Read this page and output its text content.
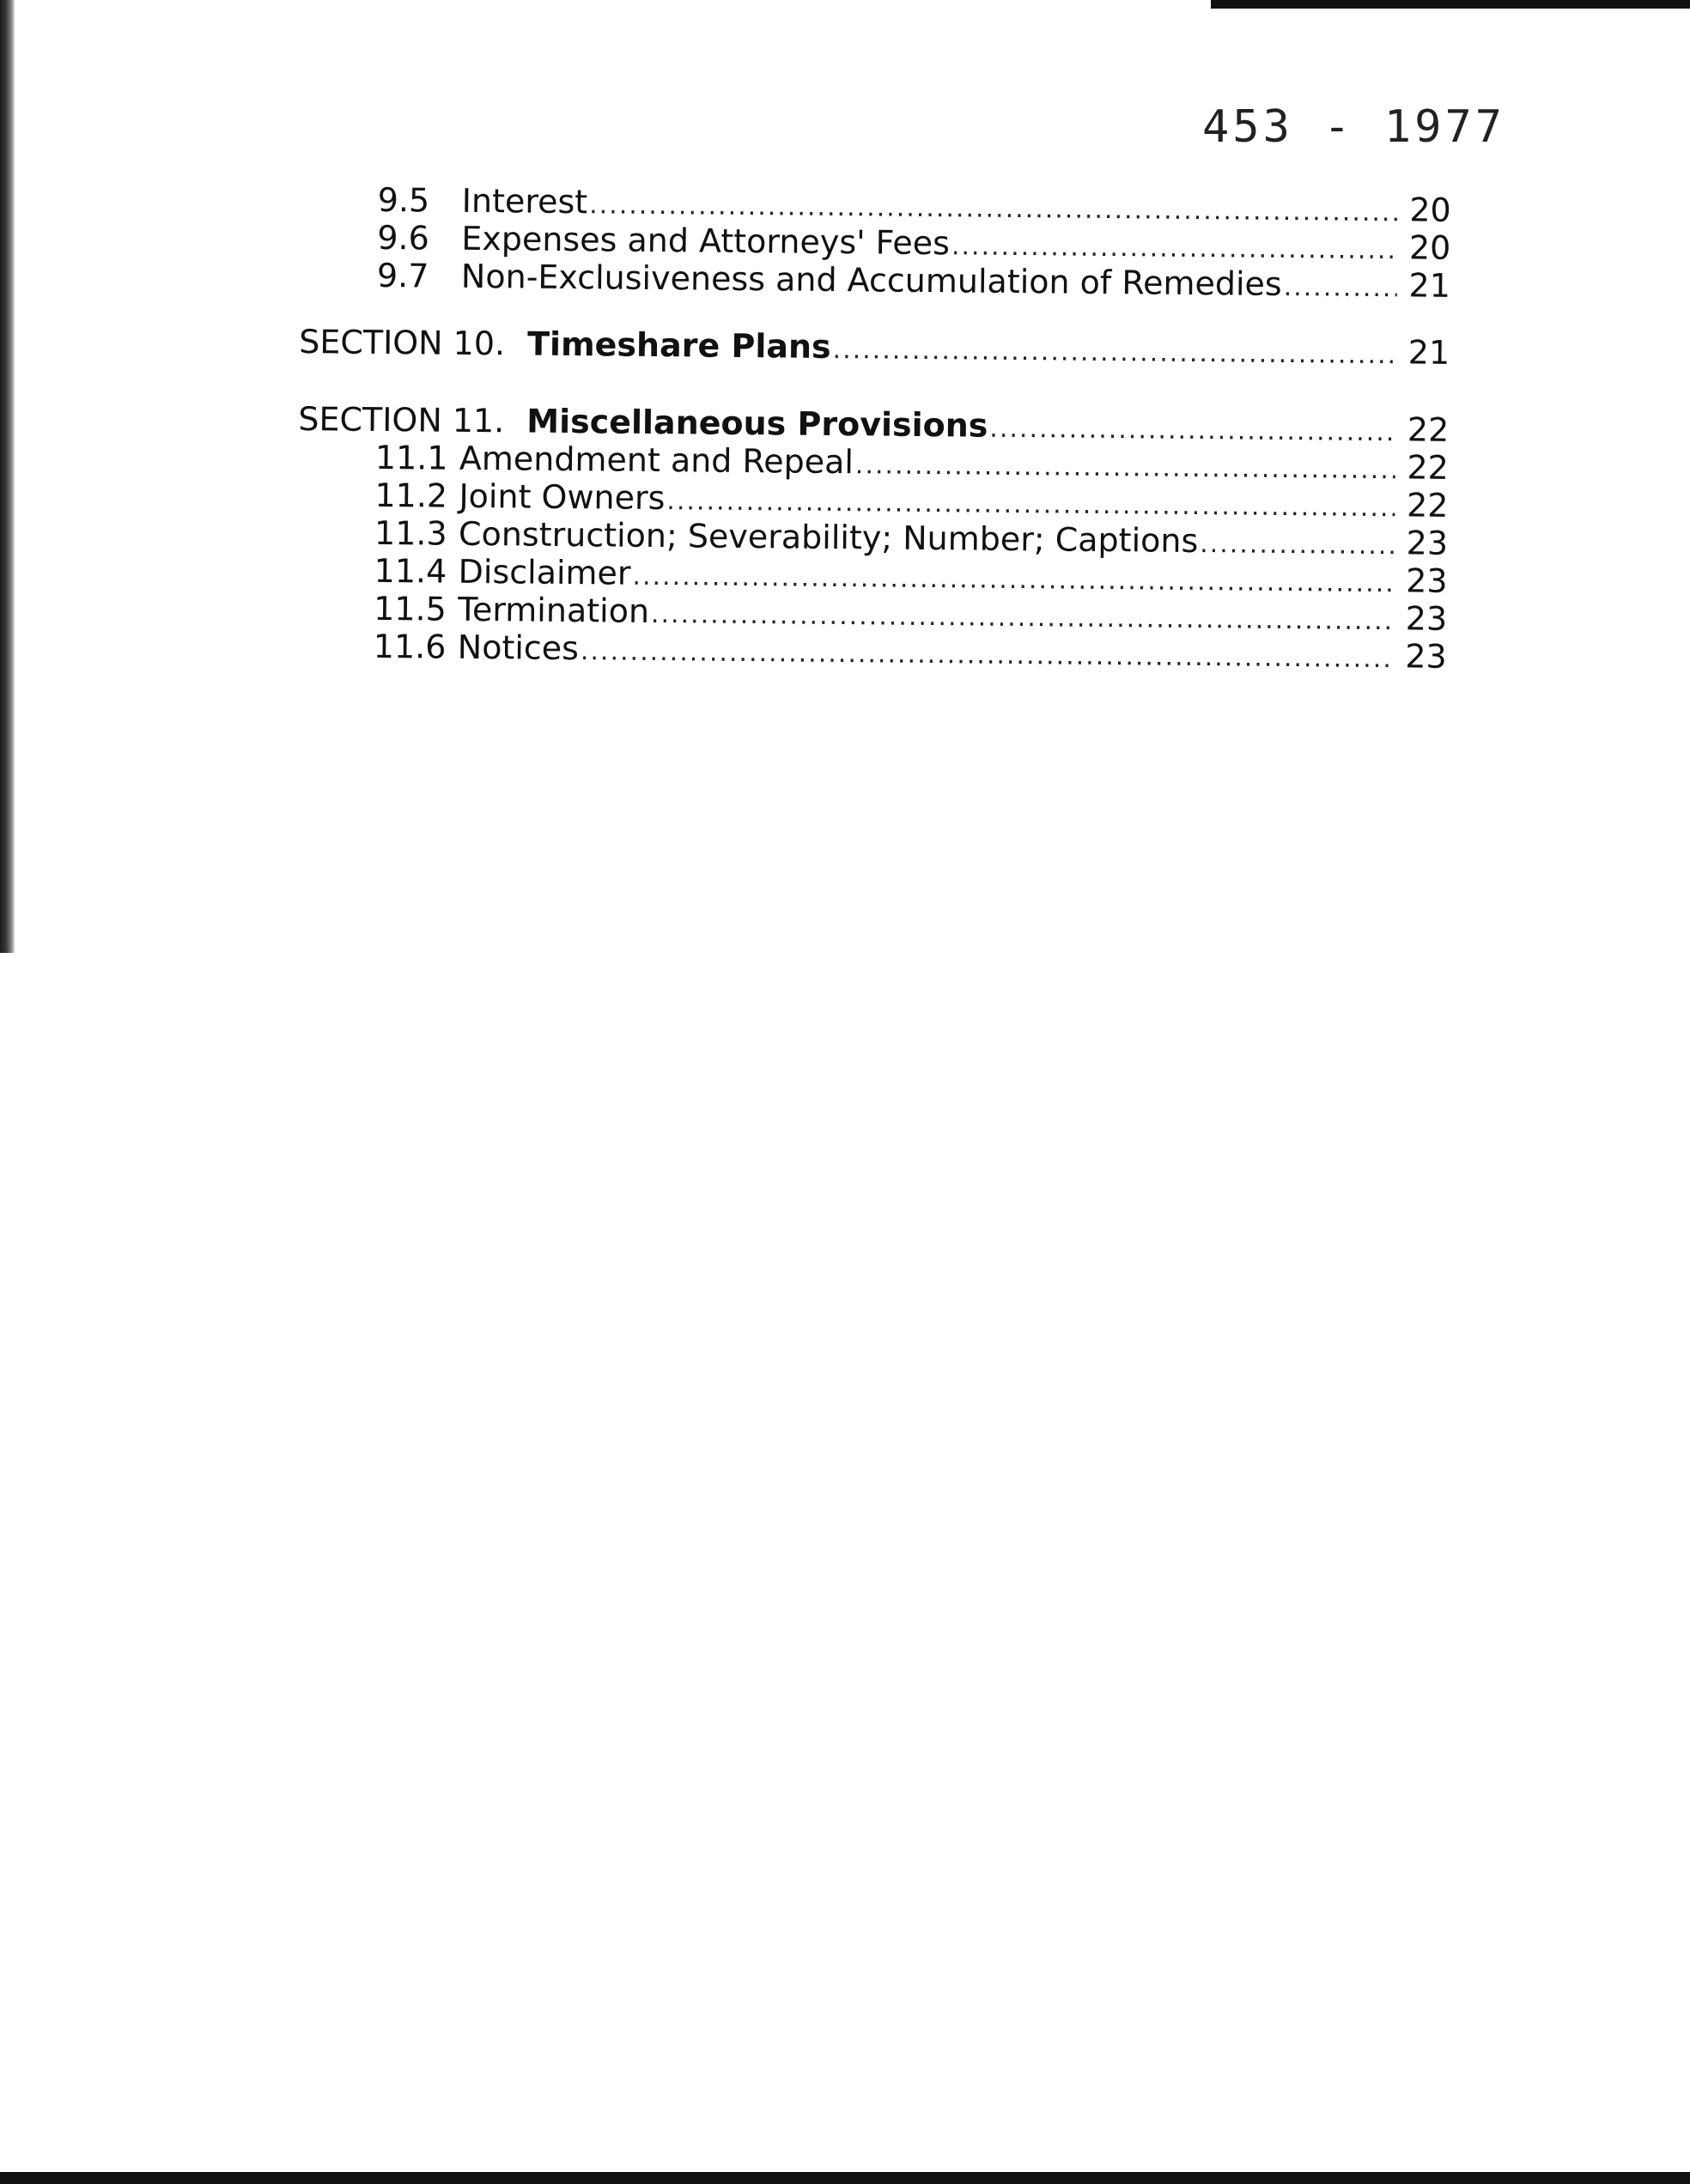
453 - 1977
9.5 Interest .....	20
9.6 Expenses and Attorneys' Fees .....	20
9.7 Non-Exclusiveness and Accumulation of Remedies .....	21
SECTION 10. Timeshare Plans .....	21
SECTION 11. Miscellaneous Provisions .....	22
11.1 Amendment and Repeal .....	22
11.2 Joint Owners .....	22
11.3 Construction; Severability; Number; Captions .....	23
11.4 Disclaimer .....	23
11.5 Termination .....	23
11.6 Notices .....	23
